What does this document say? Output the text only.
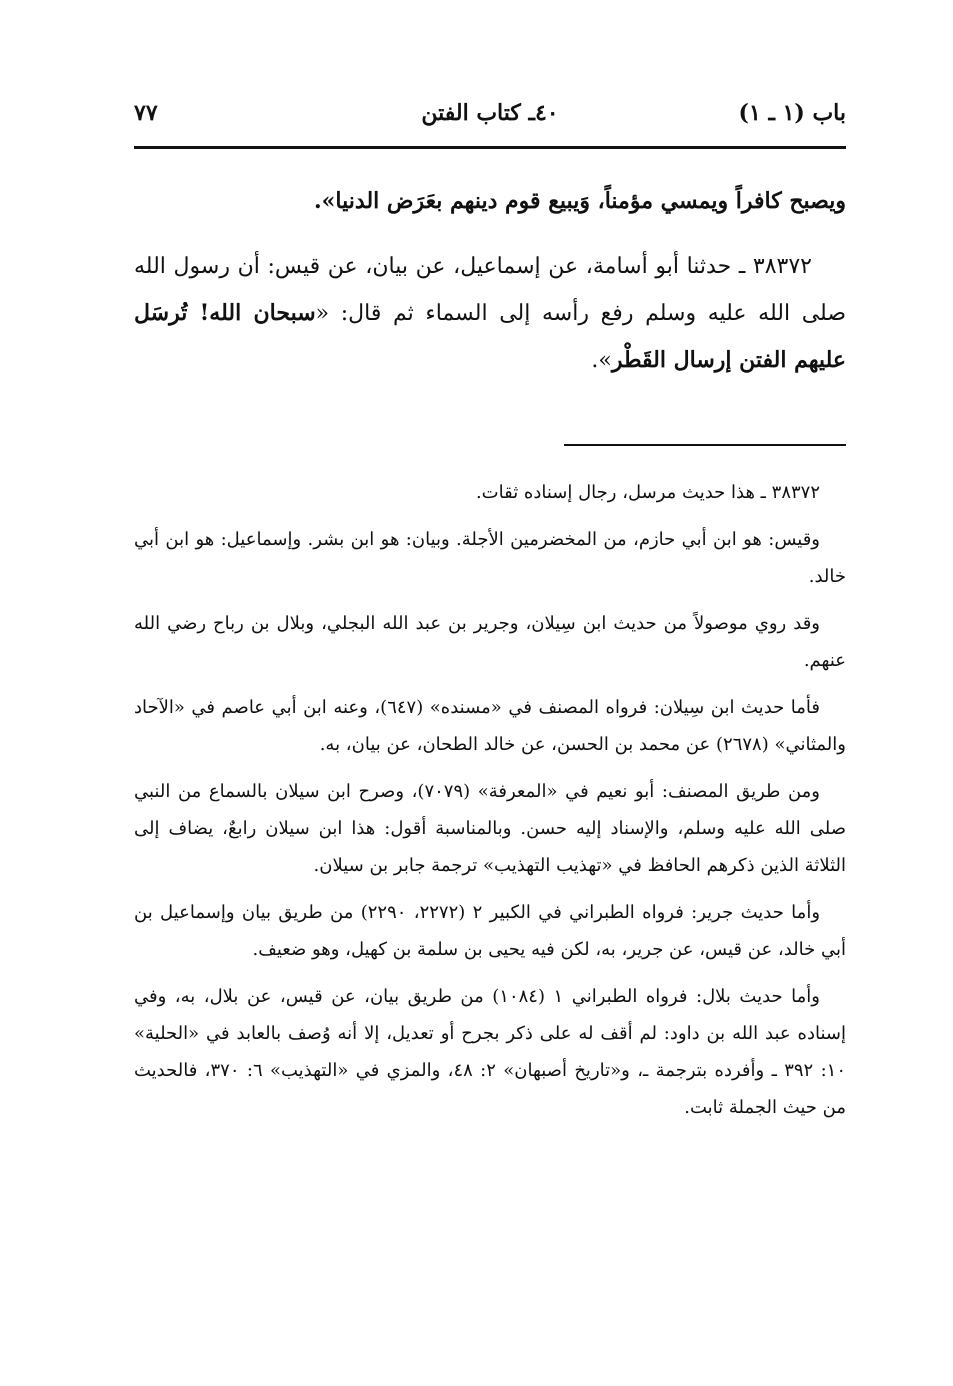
باب (١ ـ ١)
٤٠ـ كتاب الفتن
٧٧

ويصبح كافراً ويمسي مؤمناً، وَيبيع قوم دينهم بعَرَض الدنيا».

٣٨٣٧٢ ـ حدثنا أبو أسامة، عن إسماعيل، عن بيان، عن قيس: أن رسول الله صلى الله عليه وسلم رفع رأسه إلى السماء ثم قال: «سبحان الله! تُرسَل عليهم الفتن إرسال القَطْر».

٣٨٣٧٢ ـ هذا حديث مرسل، رجال إسناده ثقات.

وقيس: هو ابن أبي حازم، من المخضرمين الأجلة. وبيان: هو ابن بشر. وإسماعيل: هو ابن أبي خالد.

وقد روي موصولاً من حديث ابن سِيلان، وجرير بن عبد الله البجلي، وبلال بن رباح رضي الله عنهم.

فأما حديث ابن سِيلان: فرواه المصنف في «مسنده» (٦٤٧)، وعنه ابن أبي عاصم في «الآحاد والمثاني» (٢٦٧٨) عن محمد بن الحسن، عن خالد الطحان، عن بيان، به.

ومن طريق المصنف: أبو نعيم في «المعرفة» (٧٠٧٩)، وصرح ابن سيلان بالسماع من النبي صلى الله عليه وسلم، والإسناد إليه حسن. وبالمناسبة أقول: هذا ابن سيلان رابعٌ، يضاف إلى الثلاثة الذين ذكرهم الحافظ في «تهذيب التهذيب» ترجمة جابر بن سيلان.

وأما حديث جرير: فرواه الطبراني في الكبير ٢ (٢٢٧٢، ٢٢٩٠) من طريق بيان وإسماعيل بن أبي خالد، عن قيس، عن جرير، به، لكن فيه يحيى بن سلمة بن كهيل، وهو ضعيف.

وأما حديث بلال: فرواه الطبراني ١ (١٠٨٤) من طريق بيان، عن قيس، عن بلال، به، وفي إسناده عبد الله بن داود: لم أقف له على ذكر بجرح أو تعديل، إلا أنه وُصف بالعابد في «الحلية» ١٠: ٣٩٢ ـ وأفرده بترجمة ـ، و«تاريخ أصبهان» ٢: ٤٨، والمزي في «التهذيب» ٦: ٣٧٠، فالحديث من حيث الجملة ثابت.
